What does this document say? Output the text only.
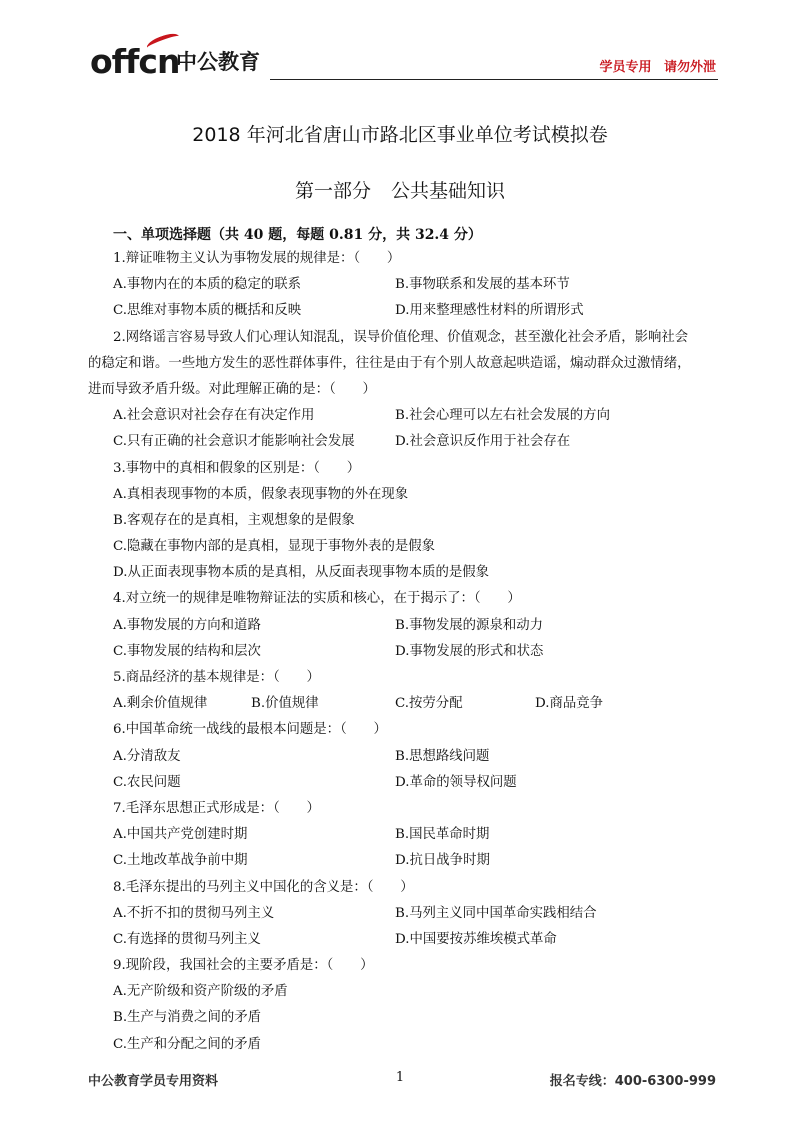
offcn
中公教育	学员专用 请勿外泄
2018 年河北省唐山市路北区事业单位考试模拟卷
第一部分 公共基础知识
一、单项选择题（共 40 题，每题 0.81 分，共 32.4 分）
1.辩证唯物主义认为事物发展的规律是：（　　）
A.事物内在的本质的稳定的联系	B.事物联系和发展的基本环节
C.思维对事物本质的概括和反映	D.用来整理感性材料的所谓形式
2.网络谣言容易导致人们心理认知混乱，误导价值伦理、价值观念，甚至激化社会矛盾，影响社会
的稳定和谐。一些地方发生的恶性群体事件，往往是由于有个别人故意起哄造谣，煽动群众过激情绪，
进而导致矛盾升级。对此理解正确的是：（　　）
A.社会意识对社会存在有决定作用	B.社会心理可以左右社会发展的方向
C.只有正确的社会意识才能影响社会发展	D.社会意识反作用于社会存在
3.事物中的真相和假象的区别是：（　　）
A.真相表现事物的本质，假象表现事物的外在现象
B.客观存在的是真相，主观想象的是假象
C.隐藏在事物内部的是真相，显现于事物外表的是假象
D.从正面表现事物本质的是真相，从反面表现事物本质的是假象
4.对立统一的规律是唯物辩证法的实质和核心，在于揭示了：（　　）
A.事物发展的方向和道路	B.事物发展的源泉和动力
C.事物发展的结构和层次	D.事物发展的形式和状态
5.商品经济的基本规律是：（　　）
A.剩余价值规律	B.价值规律	C.按劳分配	D.商品竞争
6.中国革命统一战线的最根本问题是：（　　）
A.分清敌友	B.思想路线问题
C.农民问题	D.革命的领导权问题
7.毛泽东思想正式形成是：（　　）
A.中国共产党创建时期	B.国民革命时期
C.土地改革战争前中期	D.抗日战争时期
8.毛泽东提出的马列主义中国化的含义是：（　　）
A.不折不扣的贯彻马列主义	B.马列主义同中国革命实践相结合
C.有选择的贯彻马列主义	D.中国要按苏维埃模式革命
9.现阶段，我国社会的主要矛盾是：（　　）
A.无产阶级和资产阶级的矛盾
B.生产与消费之间的矛盾
C.生产和分配之间的矛盾
中公教育学员专用资料	1	报名专线：400-6300-999
